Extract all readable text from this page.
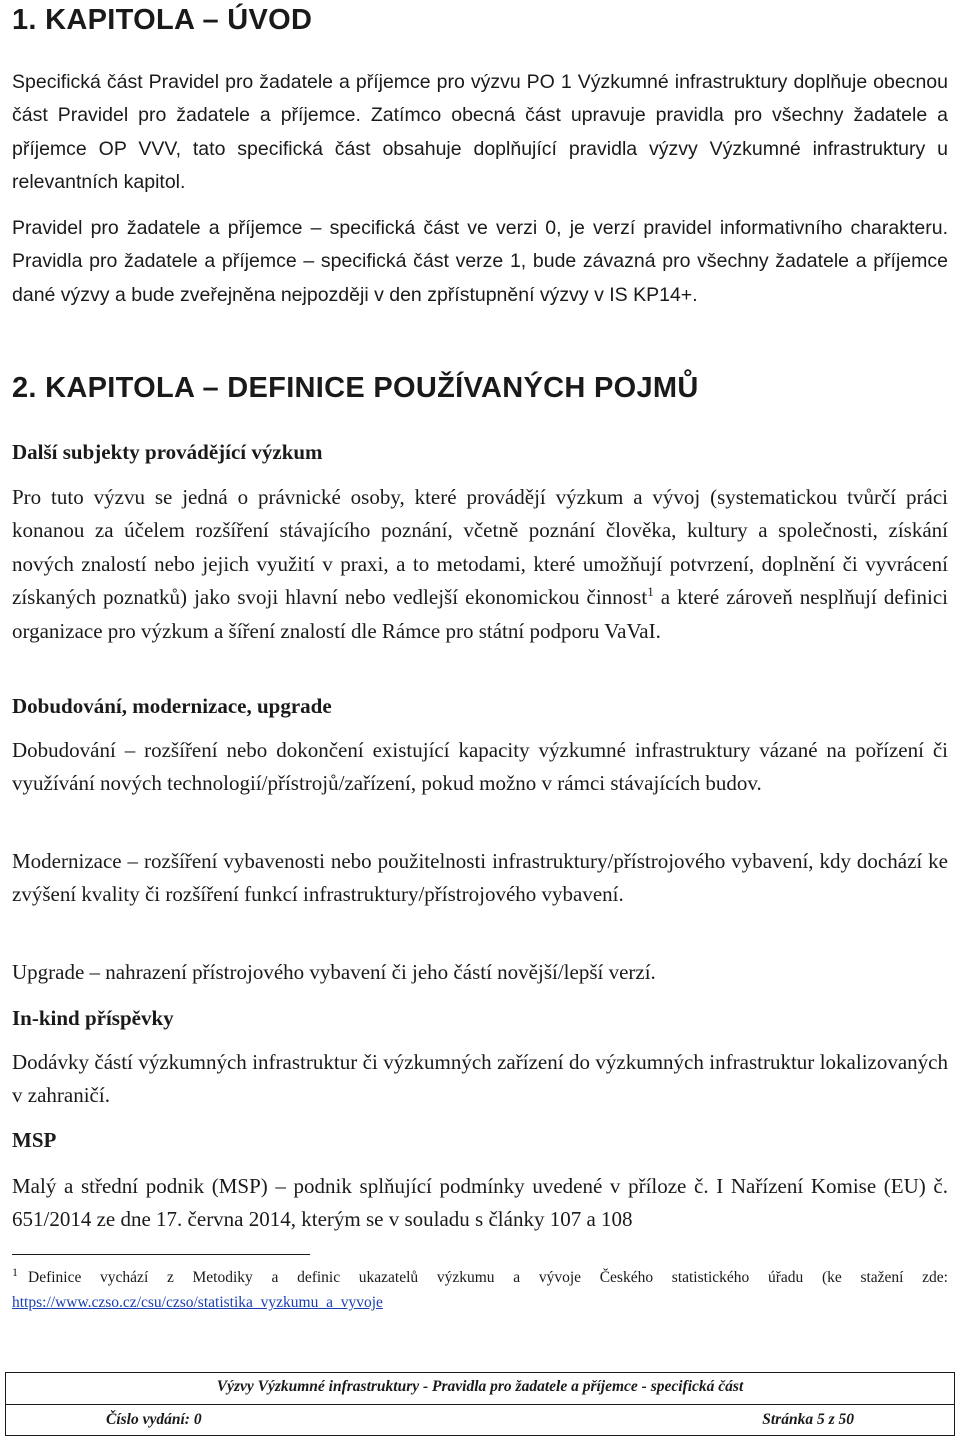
1. KAPITOLA – ÚVOD

Specifická část Pravidel pro žadatele a příjemce pro výzvu PO 1 Výzkumné infrastruktury doplňuje obecnou část Pravidel pro žadatele a příjemce. Zatímco obecná část upravuje pravidla pro všechny žadatele a příjemce OP VVV, tato specifická část obsahuje doplňující pravidla výzvy Výzkumné infrastruktury u relevantních kapitol.

Pravidel pro žadatele a příjemce – specifická část ve verzi 0, je verzí pravidel informativního charakteru. Pravidla pro žadatele a příjemce – specifická část verze 1, bude závazná pro všechny žadatele a příjemce dané výzvy a bude zveřejněna nejpozději v den zpřístupnění výzvy v IS KP14+.

2. KAPITOLA – DEFINICE POUŽÍVANÝCH POJMŮ
Další subjekty provádějící výzkum

Pro tuto výzvu se jedná o právnické osoby, které provádějí výzkum a vývoj (systematickou tvůrčí práci konanou za účelem rozšíření stávajícího poznání, včetně poznání člověka, kultury a společnosti, získání nových znalostí nebo jejich využití v praxi, a to metodami, které umožňují potvrzení, doplnění či vyvrácení získaných poznatků) jako svoji hlavní nebo vedlejší ekonomickou činnost$^1$ a které zároveň nesplňují definici organizace pro výzkum a šíření znalostí dle Rámce pro státní podporu VaVaI.

Dobudování, modernizace, upgrade

Dobudování – rozšíření nebo dokončení existující kapacity výzkumné infrastruktury vázané na pořízení či využívání nových technologií/přístrojů/zařízení, pokud možno v rámci stávajících budov.

Modernizace – rozšíření vybavenosti nebo použitelnosti infrastruktury/přístrojového vybavení, kdy dochází ke zvýšení kvality či rozšíření funkcí infrastruktury/přístrojového vybavení.

Upgrade – nahrazení přístrojového vybavení či jeho částí novější/lepší verzí.

In-kind příspěvky

Dodávky částí výzkumných infrastruktur či výzkumných zařízení do výzkumných infrastruktur lokalizovaných v zahraničí.

MSP

Malý a střední podnik (MSP) – podnik splňující podmínky uvedené v příloze č. I Nařízení Komise (EU) č. 651/2014 ze dne 17. června 2014, kterým se v souladu s články 107 a 108

$^1$ Definice vychází z Metodiky a definic ukazatelů výzkumu a vývoje Českého statistického úřadu (ke stažení zde: https://www.czso.cz/csu/czso/statistika_vyzkumu_a_vyvoje

Výzvy Výzkumné infrastruktury - Pravidla pro žadatele a příjemce - specifická část
Číslo vydání: 0	Stránka 5 z 50
